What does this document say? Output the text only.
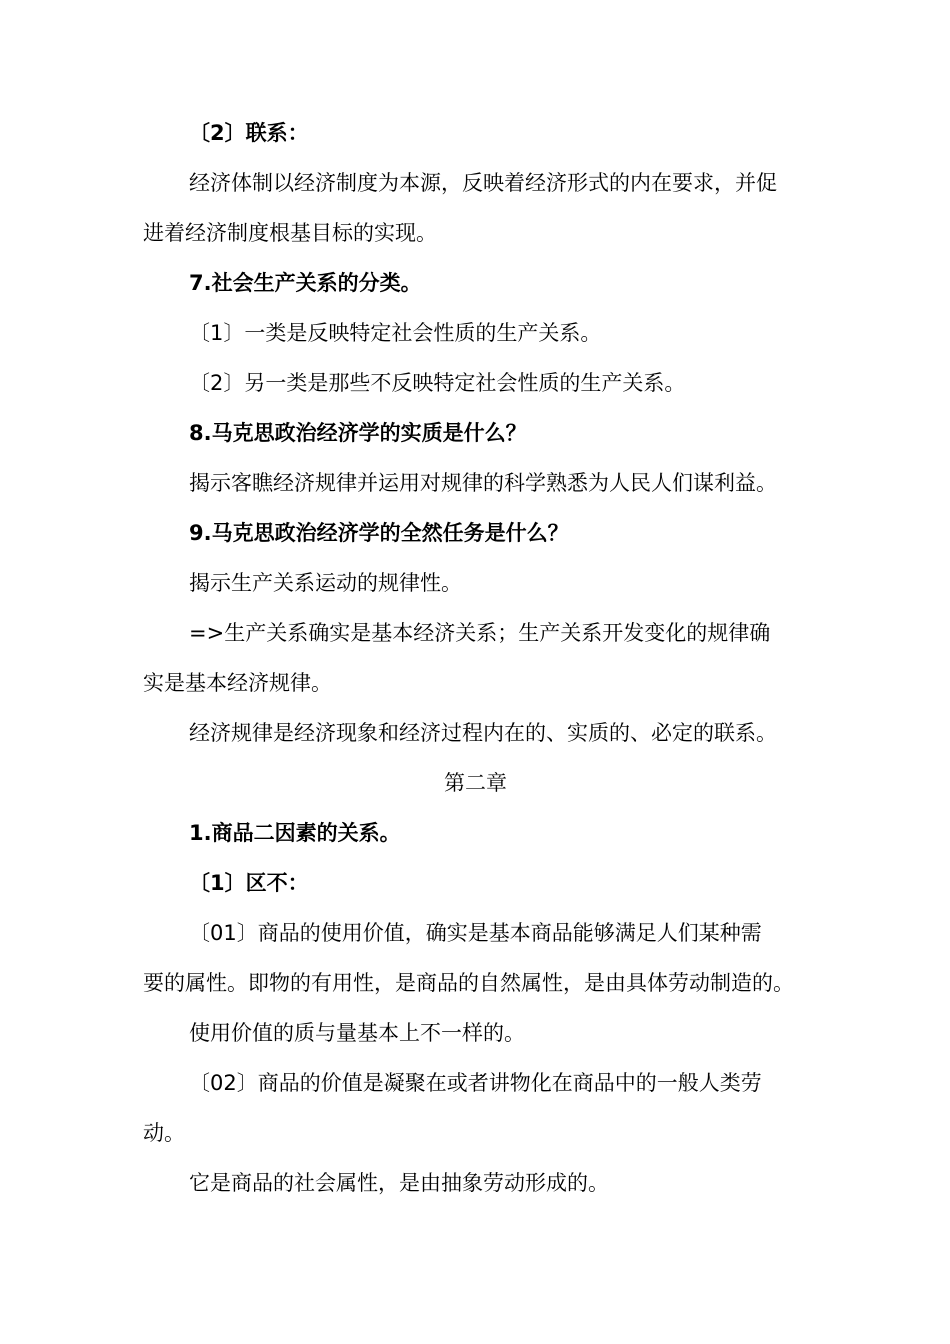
〔2〕联系：
经济体制以经济制度为本源，反映着经济形式的内在要求，并促
进着经济制度根基目标的实现。
7.社会生产关系的分类。
〔1〕一类是反映特定社会性质的生产关系。
〔2〕另一类是那些不反映特定社会性质的生产关系。
8.马克思政治经济学的实质是什么？
揭示客瞧经济规律并运用对规律的科学熟悉为人民人们谋利益。
9.马克思政治经济学的全然任务是什么？
揭示生产关系运动的规律性。
=>生产关系确实是基本经济关系；生产关系开发变化的规律确
实是基本经济规律。
经济规律是经济现象和经济过程内在的、实质的、必定的联系。
第二章
1.商品二因素的关系。
〔1〕区不：
〔01〕商品的使用价值，确实是基本商品能够满足人们某种需
要的属性。即物的有用性，是商品的自然属性，是由具体劳动制造的。
使用价值的质与量基本上不一样的。
〔02〕商品的价值是凝聚在或者讲物化在商品中的一般人类劳
动。
它是商品的社会属性，是由抽象劳动形成的。
